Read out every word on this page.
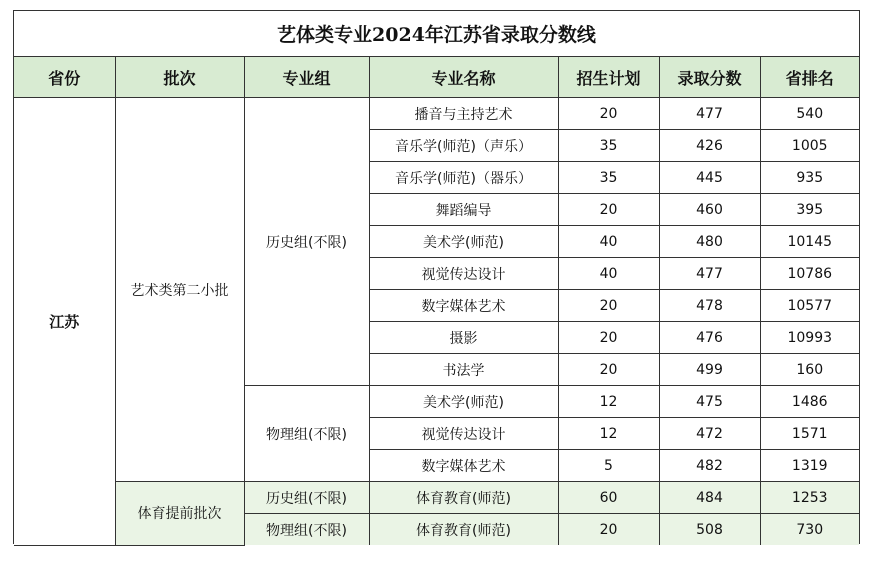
艺体类专业2024年江苏省录取分数线
省份	批次	专业组	专业名称	招生计划	录取分数	省排名
江苏	艺术类第二小批	历史组(不限)	播音与主持艺术	20	477	540
			音乐学(师范)（声乐）	35	426	1005
			音乐学(师范)（器乐）	35	445	935
			舞蹈编导	20	460	395
			美术学(师范)	40	480	10145
			视觉传达设计	40	477	10786
			数字媒体艺术	20	478	10577
			摄影	20	476	10993
			书法学	20	499	160
		物理组(不限)	美术学(师范)	12	475	1486
			视觉传达设计	12	472	1571
			数字媒体艺术	5	482	1319
	体育提前批次	历史组(不限)	体育教育(师范)	60	484	1253
		物理组(不限)	体育教育(师范)	20	508	730
